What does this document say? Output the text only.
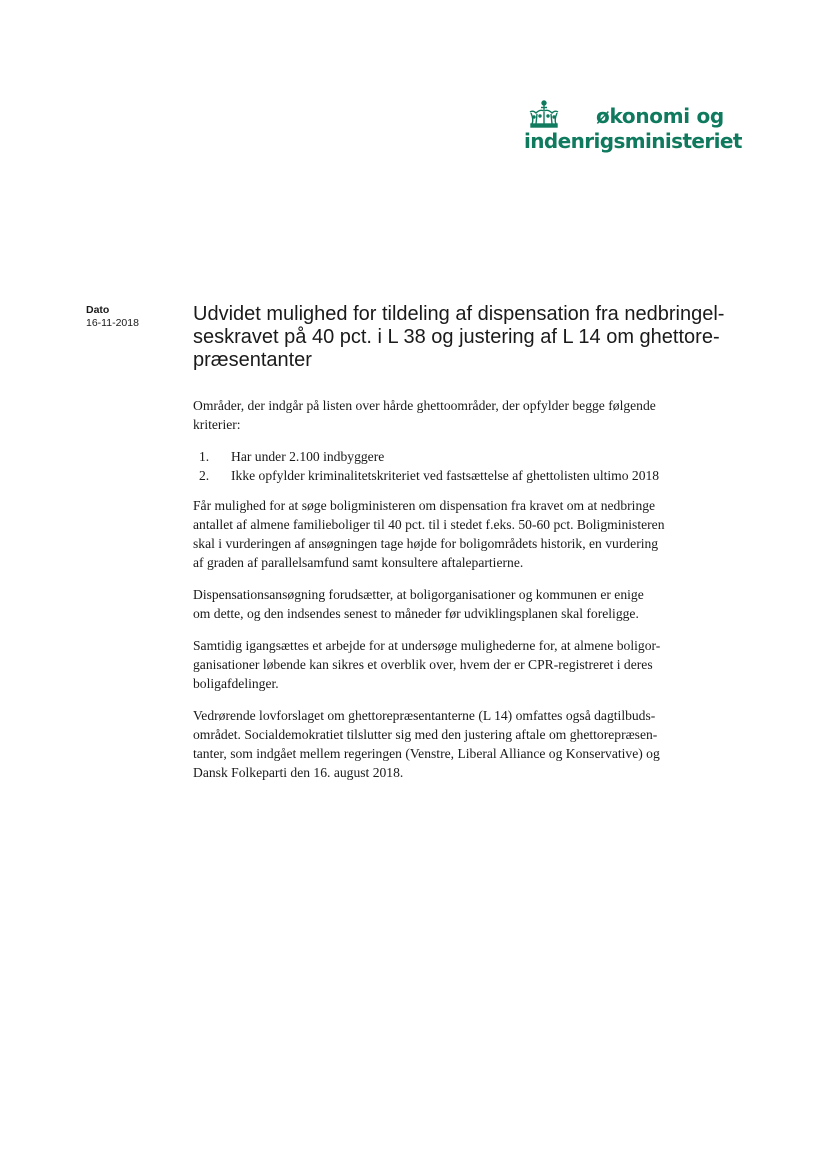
økonomi og
indenrigsministeriet
Dato
16-11-2018	Udvidet mulighed for tildeling af dispensation fra nedbringel-
seskravet på 40 pct. i L 38 og justering af L 14 om ghettore-
præsentanter

Områder, der indgår på listen over hårde ghettoområder, der opfylder begge følgende
kriterier:

1.	Har under 2.100 indbyggere
2.	Ikke opfylder kriminalitetskriteriet ved fastsættelse af ghettolisten ultimo 2018

Får mulighed for at søge boligministeren om dispensation fra kravet om at nedbringe
antallet af almene familieboliger til 40 pct. til i stedet f.eks. 50-60 pct. Boligministeren
skal i vurderingen af ansøgningen tage højde for boligområdets historik, en vurdering
af graden af parallelsamfund samt konsultere aftalepartierne.

Dispensationsansøgning forudsætter, at boligorganisationer og kommunen er enige
om dette, og den indsendes senest to måneder før udviklingsplanen skal foreligge.

Samtidig igangsættes et arbejde for at undersøge mulighederne for, at almene boligor-
ganisationer løbende kan sikres et overblik over, hvem der er CPR-registreret i deres
boligafdelinger.

Vedrørende lovforslaget om ghettorepræsentanterne (L 14) omfattes også dagtilbuds-
området. Socialdemokratiet tilslutter sig med den justering aftale om ghettorepræsen-
tanter, som indgået mellem regeringen (Venstre, Liberal Alliance og Konservative) og
Dansk Folkeparti den 16. august 2018.
